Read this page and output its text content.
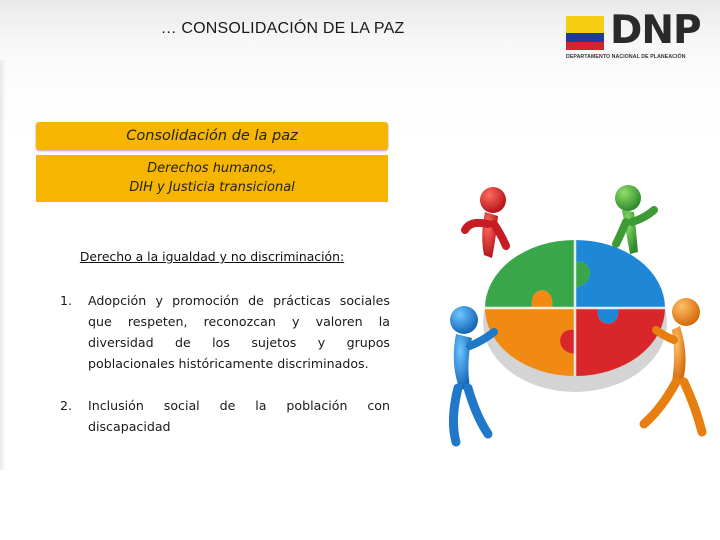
… CONSOLIDACIÓN DE LA PAZ	DNP
DEPARTAMENTO NACIONAL DE PLANEACIÓN
Consolidación de la paz
Derechos humanos,
DIH y Justicia transicional
Derecho a la igualdad y no discriminación:
1. Adopción y promoción de prácticas sociales que respeten, reconozcan y valoren la diversidad de los sujetos y grupos poblacionales históricamente discriminados.
2. Inclusión social de la población con discapacidad
